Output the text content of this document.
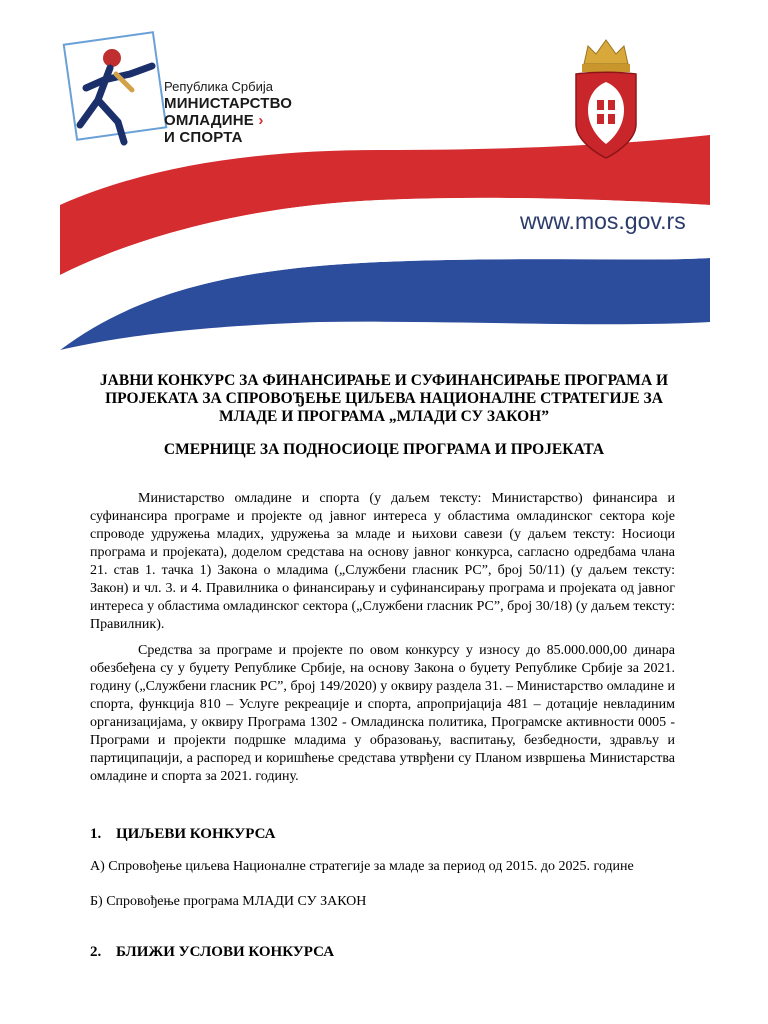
Република Србија
МИНИСТАРСТВО
ОМЛАДИНЕ ›
И СПОРТА
www.mos.gov.rs
ЈАВНИ КОНКУРС ЗА ФИНАНСИРАЊЕ И СУФИНАНСИРАЊЕ ПРОГРАМА И ПРОЈЕКАТА ЗА СПРОВОЂЕЊЕ ЦИЉЕВА НАЦИОНАЛНЕ СТРАТЕГИЈЕ ЗА МЛАДЕ И ПРОГРАМА „МЛАДИ СУ ЗАКОН”
СМЕРНИЦЕ ЗА ПОДНОСИОЦЕ ПРОГРАМА И ПРОЈЕКАТА
Министарство омладине и спорта (у даљем тексту: Министарство) финансира и суфинансира програме и пројекте од јавног интереса у областима омладинског сектора које спроводе удружења младих, удружења за младе и њихови савези (у даљем тексту: Носиоци програма и пројеката), доделом средстава на основу јавног конкурса, сагласно одредбама члана 21. став 1. тачка 1) Закона о младима („Службени гласник РС”, број 50/11) (у даљем тексту: Закон) и чл. 3. и 4. Правилника о финансирању и суфинансирању програма и пројеката од јавног интереса у областима омладинског сектора („Службени гласник РС”, број 30/18) (у даљем тексту: Правилник).
Средства за програме и пројекте по овом конкурсу у износу до 85.000.000,00 динара обезбеђена су у буџету Републике Србије, на основу Закона о буџету Републике Србије за 2021. годину („Службени гласник РС”, број 149/2020) у оквиру раздела 31. – Министарство омладине и спорта, функција 810 – Услуге рекреације и спорта, апропријација 481 – дотације невладиним организацијама, у оквиру Програма 1302 - Омладинска политика, Програмске активности 0005 - Програми и пројекти подршке младима у образовању, васпитању, безбедности, здрављу и партиципацији, а распоред и коришћење средстава утврђени су Планом извршења Министарства омладине и спорта за 2021. годину.
1. ЦИЉЕВИ КОНКУРСА
А) Спровођење циљева Националне стратегије за младе за период од 2015. до 2025. године
Б) Спровођење програма МЛАДИ СУ ЗАКОН
2. БЛИЖИ УСЛОВИ КОНКУРСА
